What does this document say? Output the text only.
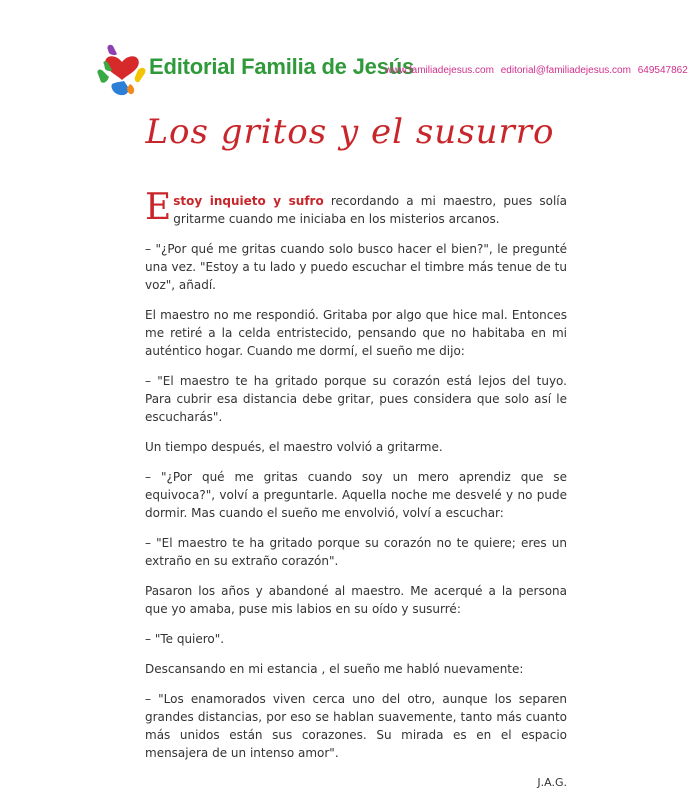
Editorial Familia de Jesús
www.familiadejesus.com editorial@familiadejesus.com 649547862
Los gritos y el susurro

Estoy inquieto y sufro recordando a mi maestro, pues solía gritarme cuando me iniciaba en los misterios arcanos.

– "¿Por qué me gritas cuando solo busco hacer el bien?", le pregunté una vez. "Estoy a tu lado y puedo escuchar el timbre más tenue de tu voz", añadí.

El maestro no me respondió. Gritaba por algo que hice mal. Entonces me retiré a la celda entristecido, pensando que no habitaba en mi auténtico hogar. Cuando me dormí, el sueño me dijo:

– "El maestro te ha gritado porque su corazón está lejos del tuyo. Para cubrir esa distancia debe gritar, pues considera que solo así le escucharás".

Un tiempo después, el maestro volvió a gritarme.

– "¿Por qué me gritas cuando soy un mero aprendiz que se equivoca?", volví a preguntarle. Aquella noche me desvelé y no pude dormir. Mas cuando el sueño me envolvió, volví a escuchar:

– "El maestro te ha gritado porque su corazón no te quiere; eres un extraño en su extraño corazón".

Pasaron los años y abandoné al maestro. Me acerqué a la persona que yo amaba, puse mis labios en su oído y susurré:

– "Te quiero".

Descansando en mi estancia , el sueño me habló nuevamente:

– "Los enamorados viven cerca uno del otro, aunque los separen grandes distancias, por eso se hablan suavemente, tanto más cuanto más unidos están sus corazones. Su mirada es en el espacio mensajera de un intenso amor".

J.A.G.
